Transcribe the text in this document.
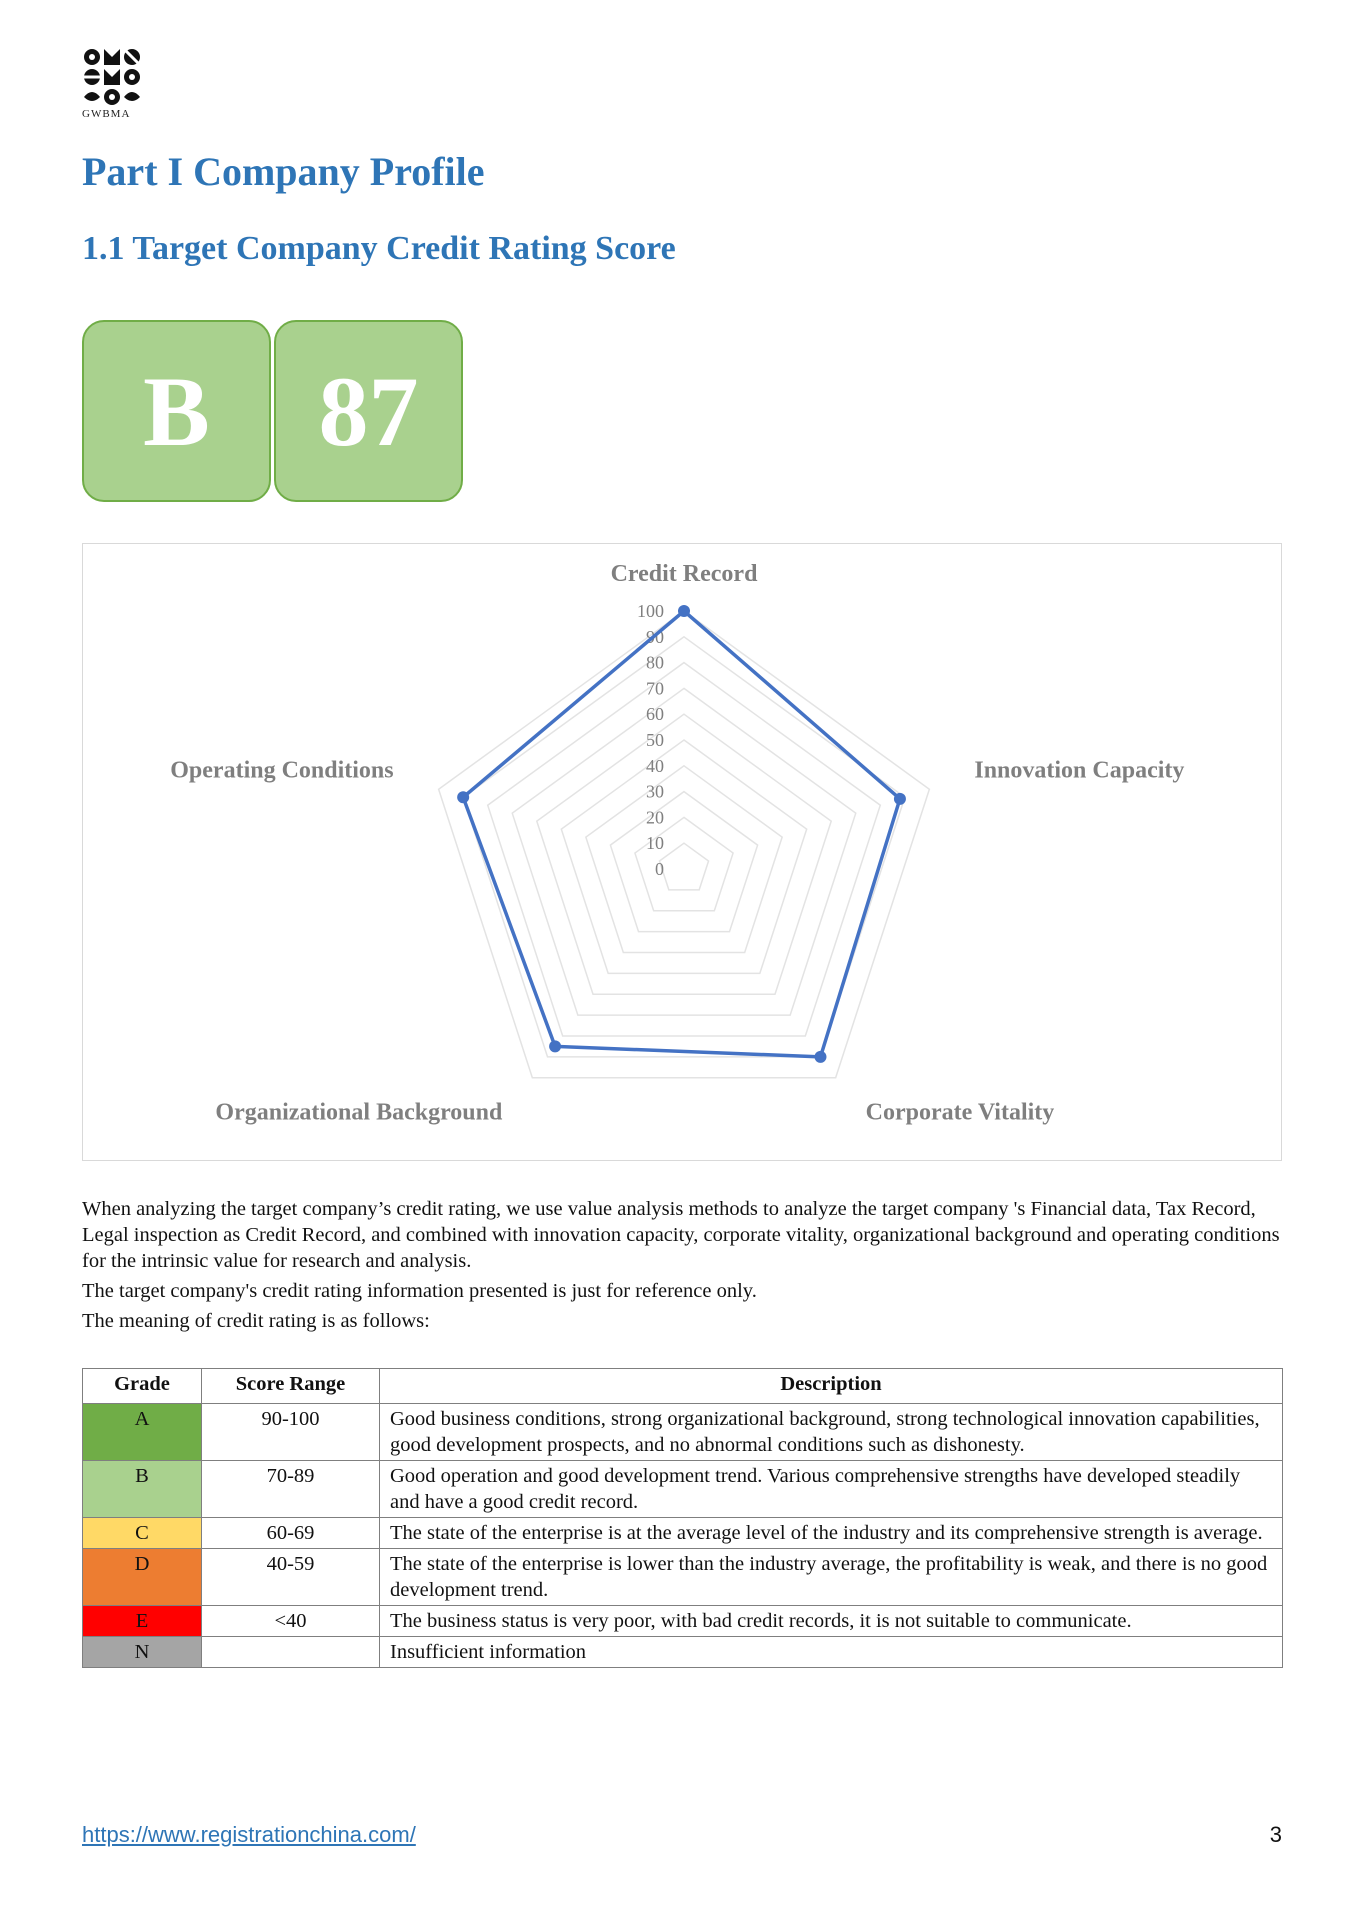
GWBMA
Part I Company Profile
1.1 Target Company Credit Rating Score
B	87
0
10
20
30
40
50
60
70
80
90
100
Credit Record
Innovation Capacity
Corporate Vitality
Organizational Background
Operating Conditions

When analyzing the target company’s credit rating, we use value analysis methods to analyze the target company 's Financial data, Tax Record, Legal inspection as Credit Record, and combined with innovation capacity, corporate vitality, organizational background and operating conditions for the intrinsic value for research and analysis.

The target company's credit rating information presented is just for reference only.

The meaning of credit rating is as follows:

Grade	Score Range	Description
A	90-100	Good business conditions, strong organizational background, strong technological innovation capabilities, good development prospects, and no abnormal conditions such as dishonesty.
B	70-89	Good operation and good development trend. Various comprehensive strengths have developed steadily and have a good credit record.
C	60-69	The state of the enterprise is at the average level of the industry and its comprehensive strength is average.
D	40-59	The state of the enterprise is lower than the industry average, the profitability is weak, and there is no good development trend.
E	<40	The business status is very poor, with bad credit records, it is not suitable to communicate.
N		Insufficient information
https://www.registrationchina.com/	3
